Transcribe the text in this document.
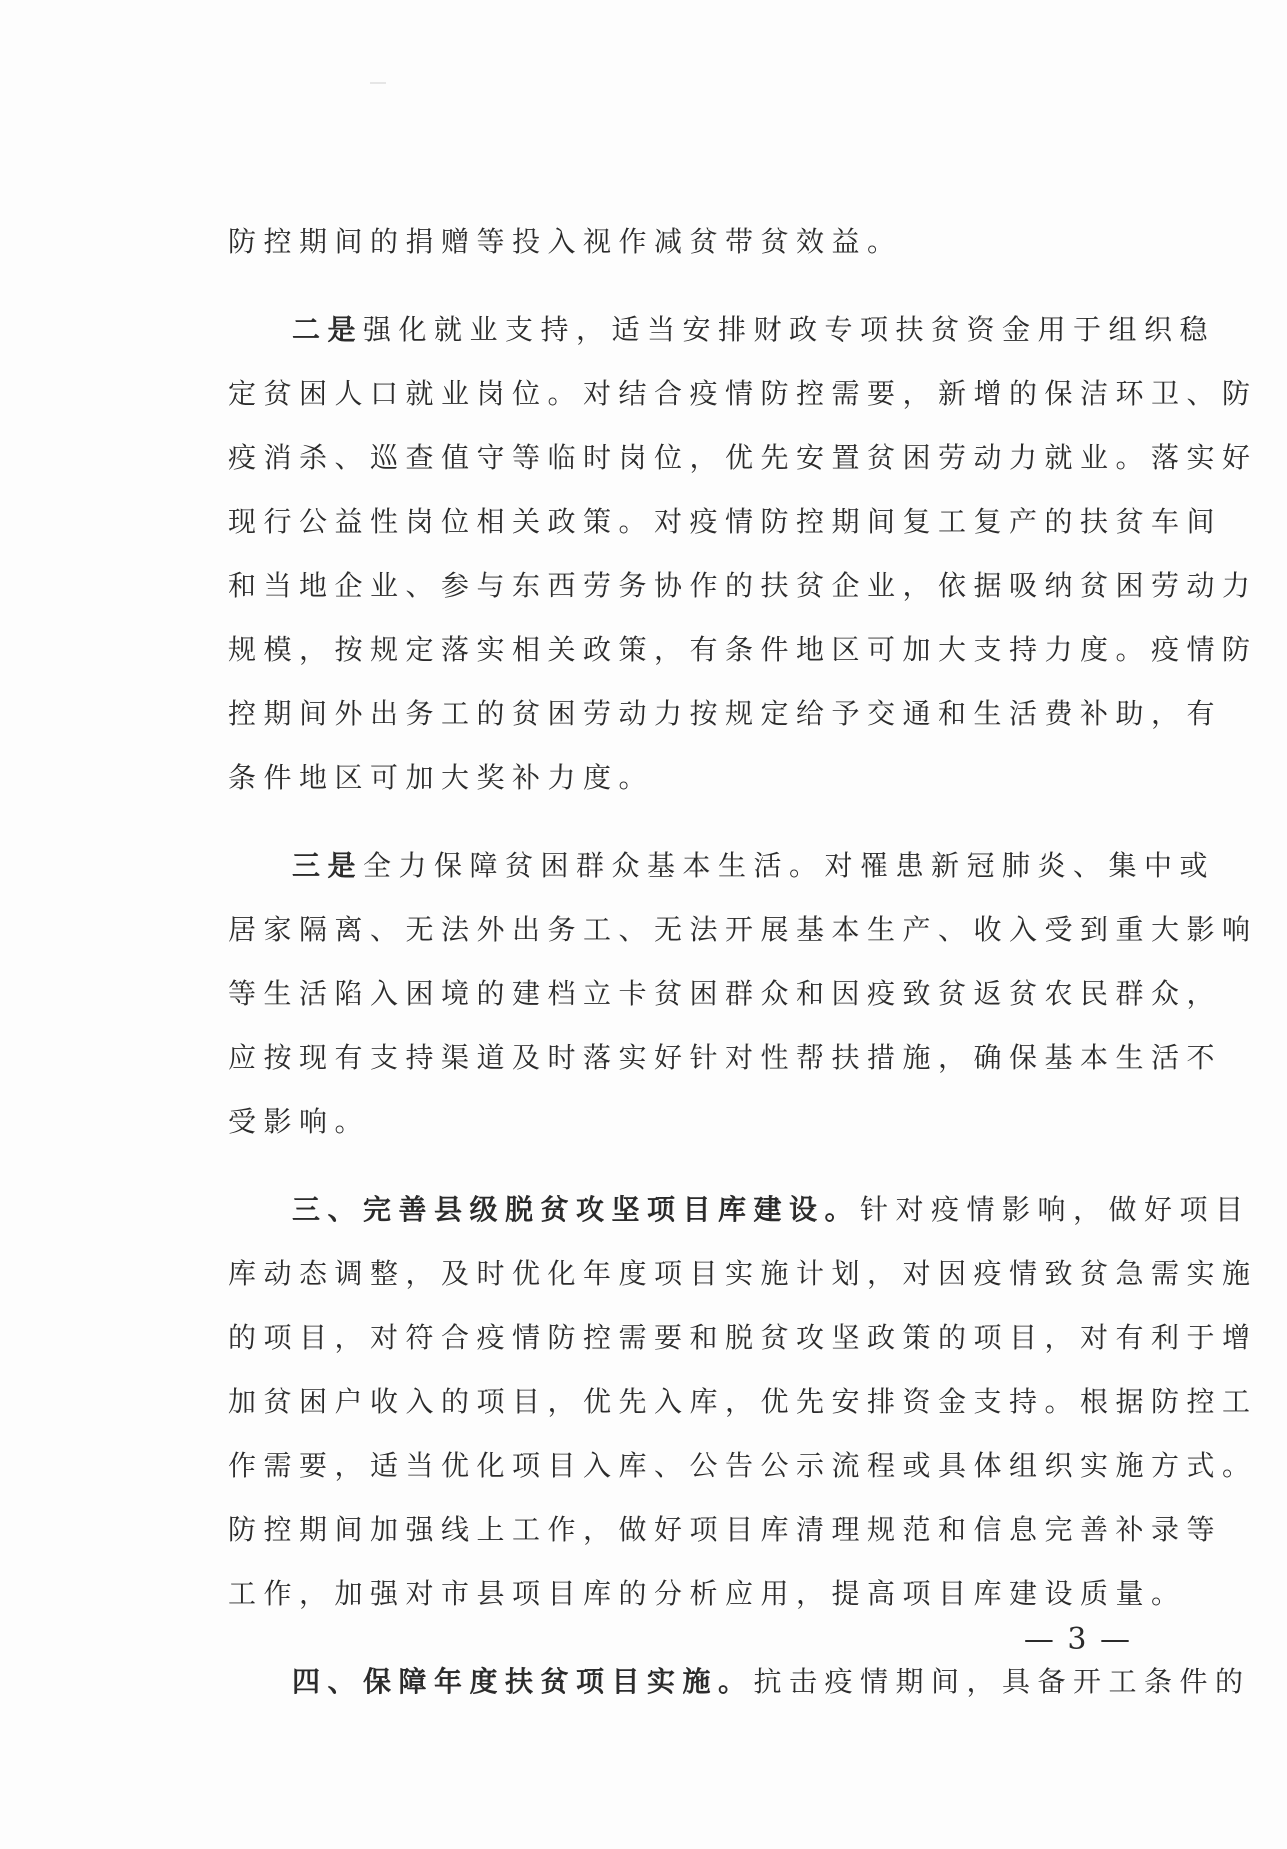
防控期间的捐赠等投入视作减贫带贫效益。
二是强化就业支持，适当安排财政专项扶贫资金用于组织稳
定贫困人口就业岗位。对结合疫情防控需要，新增的保洁环卫、防
疫消杀、巡查值守等临时岗位，优先安置贫困劳动力就业。落实好
现行公益性岗位相关政策。对疫情防控期间复工复产的扶贫车间
和当地企业、参与东西劳务协作的扶贫企业，依据吸纳贫困劳动力
规模，按规定落实相关政策，有条件地区可加大支持力度。疫情防
控期间外出务工的贫困劳动力按规定给予交通和生活费补助，有
条件地区可加大奖补力度。
三是全力保障贫困群众基本生活。对罹患新冠肺炎、集中或
居家隔离、无法外出务工、无法开展基本生产、收入受到重大影响
等生活陷入困境的建档立卡贫困群众和因疫致贫返贫农民群众，
应按现有支持渠道及时落实好针对性帮扶措施，确保基本生活不
受影响。
三、完善县级脱贫攻坚项目库建设。针对疫情影响，做好项目
库动态调整，及时优化年度项目实施计划，对因疫情致贫急需实施
的项目，对符合疫情防控需要和脱贫攻坚政策的项目，对有利于增
加贫困户收入的项目，优先入库，优先安排资金支持。根据防控工
作需要，适当优化项目入库、公告公示流程或具体组织实施方式。
防控期间加强线上工作，做好项目库清理规范和信息完善补录等
工作，加强对市县项目库的分析应用，提高项目库建设质量。
四、保障年度扶贫项目实施。抗击疫情期间，具备开工条件的
— 3 —
